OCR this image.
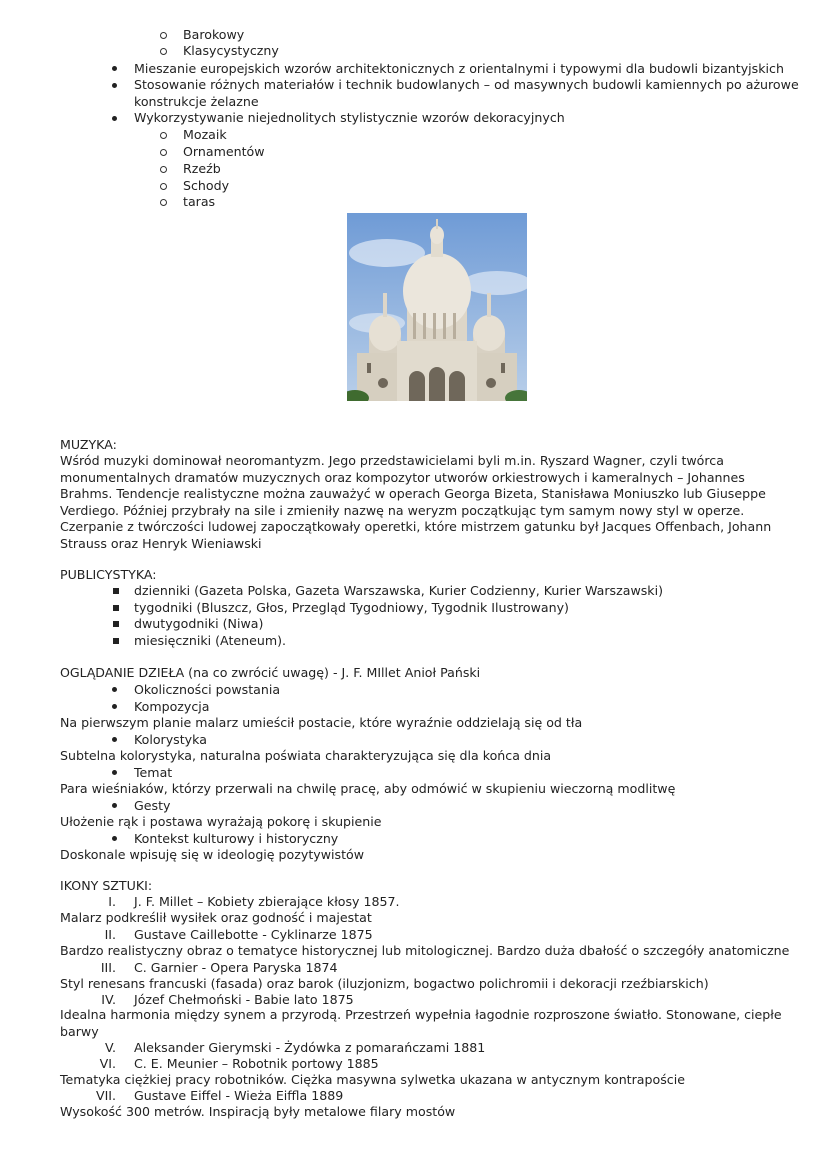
Barokowy
Klasycystyczny
Mieszanie europejskich wzorów architektonicznych z orientalnymi i typowymi dla budowli bizantyjskich
Stosowanie różnych materiałów i technik budowlanych – od masywnych budowli kamiennych po ażurowe konstrukcje żelazne
Wykorzystywanie niejednolitych stylistycznie wzorów dekoracyjnych
Mozaik
Ornamentów
Rzeźb
Schody
taras
MUZYKA:
Wśród muzyki dominował neoromantyzm. Jego przedstawicielami byli m.in. Ryszard Wagner, czyli twórca monumentalnych dramatów muzycznych oraz kompozytor utworów orkiestrowych i kameralnych – Johannes Brahms. Tendencje realistyczne można zauważyć w operach Georga Bizeta, Stanisława Moniuszko lub Giuseppe Verdiego. Później przybrały na sile i zmieniły nazwę na weryzm początkując tym samym nowy styl w operze. Czerpanie z twórczości ludowej zapoczątkowały operetki, które mistrzem gatunku był Jacques Offenbach, Johann Strauss oraz Henryk Wieniawski
PUBLICYSTYKA:
dzienniki (Gazeta Polska, Gazeta Warszawska, Kurier Codzienny, Kurier Warszawski)
tygodniki (Bluszcz, Głos, Przegląd Tygodniowy, Tygodnik Ilustrowany)
dwutygodniki (Niwa)
miesięczniki (Ateneum).
OGLĄDANIE DZIEŁA (na co zwrócić uwagę) - J. F. MIllet Anioł Pański
Okoliczności powstania
Kompozycja
Na pierwszym planie malarz umieścił postacie, które wyraźnie oddzielają się od tła
Kolorystyka
Subtelna kolorystyka, naturalna poświata charakteryzująca się dla końca dnia
Temat
Para wieśniaków, którzy przerwali na chwilę pracę, aby odmówić w skupieniu wieczorną modlitwę
Gesty
Ułożenie rąk i postawa wyrażają pokorę i skupienie
Kontekst kulturowy i historyczny
Doskonale wpisuję się w ideologię pozytywistów
IKONY SZTUKI:
I. J. F. Millet – Kobiety zbierające kłosy 1857.
Malarz podkreślił wysiłek oraz godność i majestat
II. Gustave Caillebotte - Cyklinarze 1875
Bardzo realistyczny obraz o tematyce historycznej lub mitologicznej. Bardzo duża dbałość o szczegóły anatomiczne
III. C. Garnier - Opera Paryska 1874
Styl renesans francuski (fasada) oraz barok (iluzjonizm, bogactwo polichromii i dekoracji rzeźbiarskich)
IV. Józef Chełmoński - Babie lato 1875
Idealna harmonia między synem a przyrodą. Przestrzeń wypełnia łagodnie rozproszone światło. Stonowane, ciepłe barwy
V. Aleksander Gierymski - Żydówka z pomarańczami 1881
VI. C. E. Meunier – Robotnik portowy 1885
Tematyka ciężkiej pracy robotników. Ciężka masywna sylwetka ukazana w antycznym kontrapoście
VII. Gustave Eiffel - Wieża Eiffla 1889
Wysokość 300 metrów. Inspiracją były metalowe filary mostów
